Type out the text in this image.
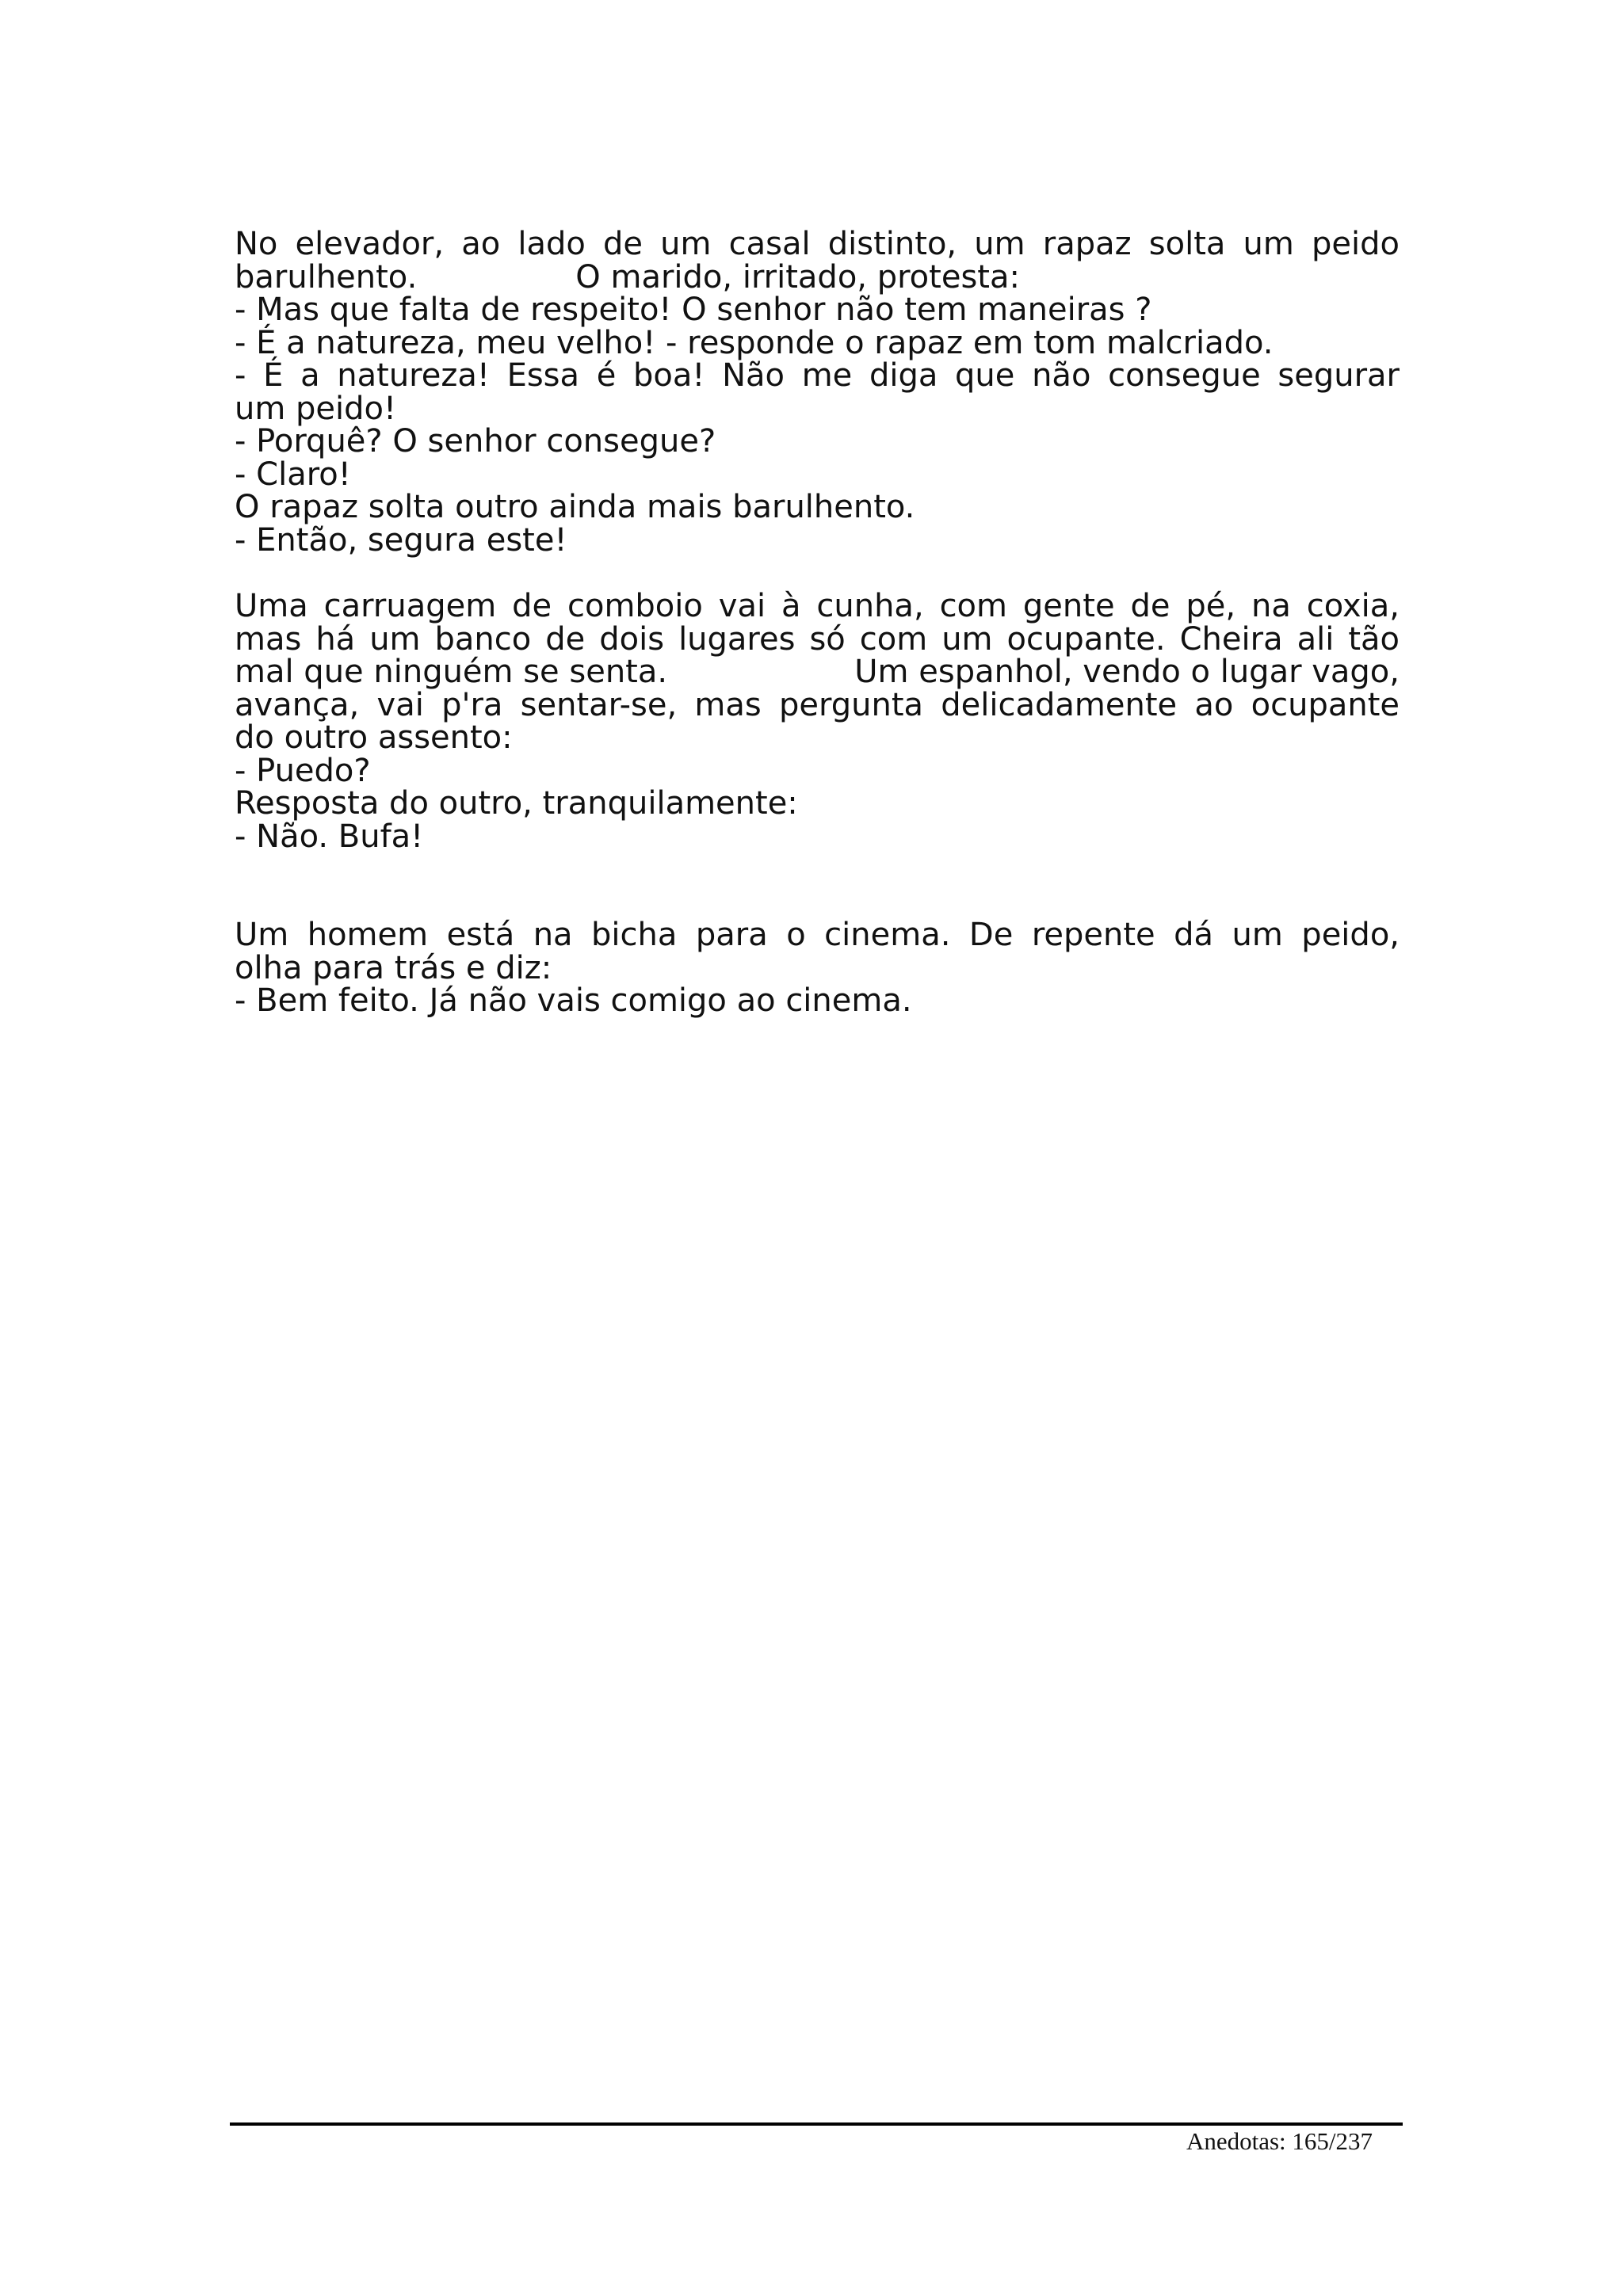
No elevador, ao lado de um casal distinto, um rapaz solta um peido
barulhento.	O marido, irritado, protesta:
- Mas que falta de respeito! O senhor não tem maneiras ?
- É a natureza, meu velho! - responde o rapaz em tom malcriado.
- É a natureza! Essa é boa! Não me diga que não consegue segurar
um peido!
- Porquê? O senhor consegue?
- Claro!
O rapaz solta outro ainda mais barulhento.
- Então, segura este!
Uma carruagem de comboio vai à cunha, com gente de pé, na coxia,
mas há um banco de dois lugares só com um ocupante. Cheira ali tão
mal que ninguém se senta.	Um espanhol, vendo o lugar vago,
avança, vai p'ra sentar-se, mas pergunta delicadamente ao ocupante
do outro assento:
- Puedo?
Resposta do outro, tranquilamente:
- Não. Bufa!
Um homem está na bicha para o cinema. De repente dá um peido,
olha para trás e diz:
- Bem feito. Já não vais comigo ao cinema.
Anedotas: 165/237
